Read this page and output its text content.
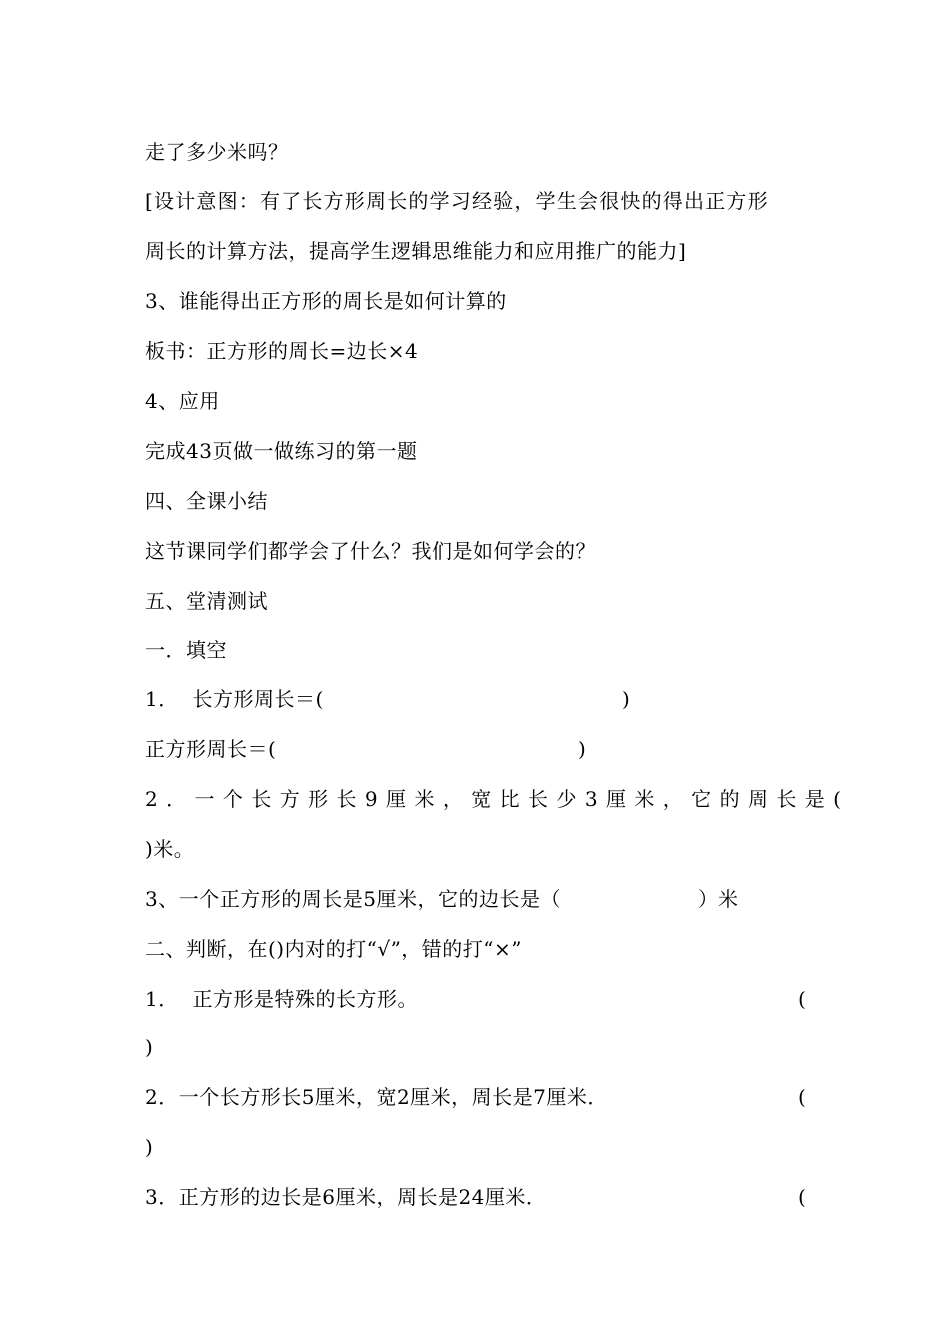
走了多少米吗？
[设计意图：有了长方形周长的学习经验，学生会很快的得出正方形
周长的计算方法，提高学生逻辑思维能力和应用推广的能力]
3、谁能得出正方形的周长是如何计算的
板书：正方形的周长=边长×4
4、应用
完成43页做一做练习的第一题
四、全课小结
这节课同学们都学会了什么？我们是如何学会的？
五、堂清测试
一．填空
1．  长方形周长＝(	)
正方形周长＝(	)
2．一个长方形长9厘米，宽比长少3厘米，它的周长是(
)米。
3、一个正方形的周长是5厘米，它的边长是（	）米
二、判断，在()内对的打“√”，错的打“×”
1．  正方形是特殊的长方形。	(
)
2．一个长方形长5厘米，宽2厘米，周长是7厘米．	(
)
3．正方形的边长是6厘米，周长是24厘米．	(
